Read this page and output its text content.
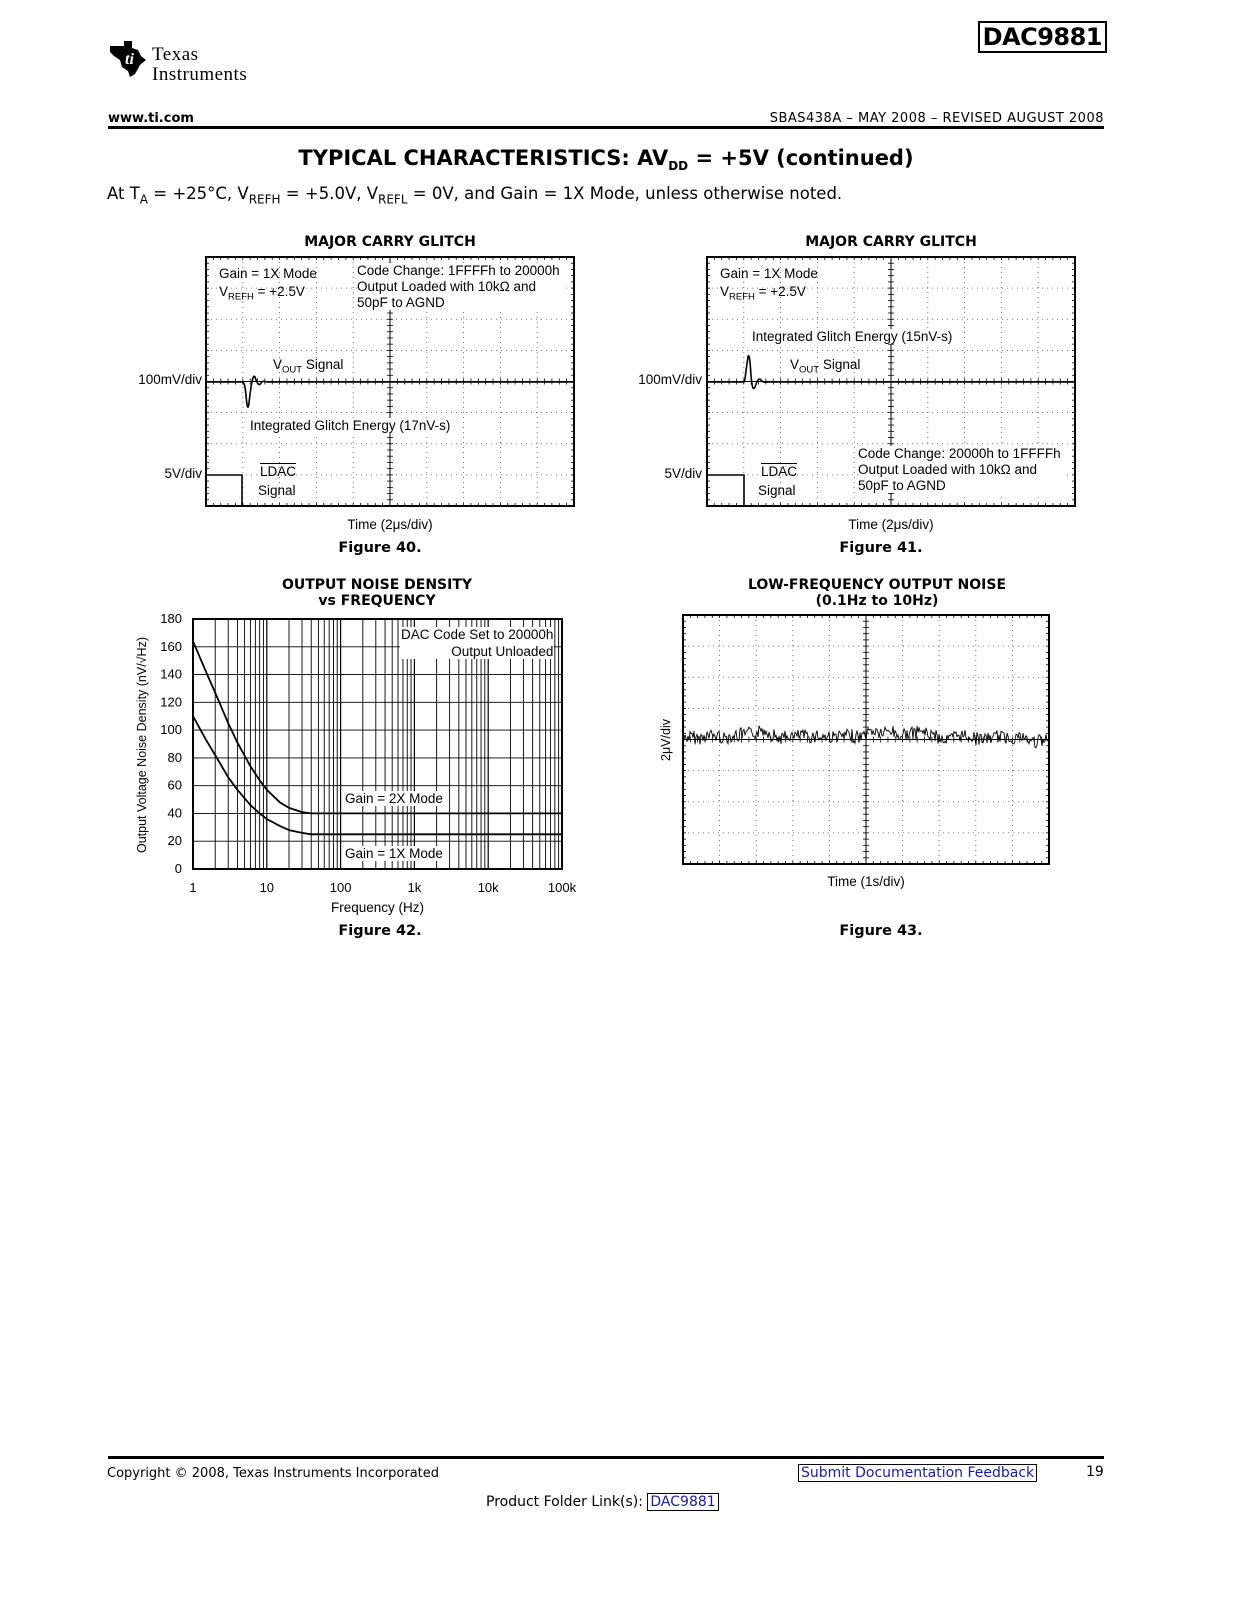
ti Texas
Instruments
DAC9881
www.ti.com	SBAS438A – MAY 2008 – REVISED AUGUST 2008
TYPICAL CHARACTERISTICS: $AV_{DD} = +5V$ (continued)
At $T_A = +25^\circ C$, $V_{REFH} = +5.0V$, $V_{REFL} = 0V$, and Gain = 1X Mode, unless otherwise noted.
MAJOR CARRY GLITCH
Gain = 1X Mode
$V_{REFH} = +2.5V$
Code Change: 1FFFFh to 20000h
Output Loaded with 10kΩ and
50pF to AGND
$V_{OUT}$ Signal
Integrated Glitch Energy (17nV-s)
LDAC
Signal
100mV/div
5V/div
Time (2μs/div)
Figure 40.
MAJOR CARRY GLITCH
Gain = 1X Mode
$V_{REFH} = +2.5V$
Integrated Glitch Energy (15nV-s)
$V_{OUT}$ Signal
Code Change: 20000h to 1FFFFh
Output Loaded with 10kΩ and
50pF to AGND
LDAC
Signal
100mV/div
5V/div
Time (2μs/div)
Figure 41.
OUTPUT NOISE DENSITY
vs FREQUENCY
0
20
40
60
80
100
120
140
160
180
1	10	100	1k	10k	100k
DAC Code Set to 20000h
Output Unloaded
Gain = 2X Mode
Gain = 1X Mode
Output Voltage Noise Density (nV/√Hz)
Frequency (Hz)
Figure 42.
LOW-FREQUENCY OUTPUT NOISE
(0.1Hz to 10Hz)
2μV/div
Time (1s/div)
Figure 43.
Copyright © 2008, Texas Instruments Incorporated	Submit Documentation Feedback	19
Product Folder Link(s): DAC9881
